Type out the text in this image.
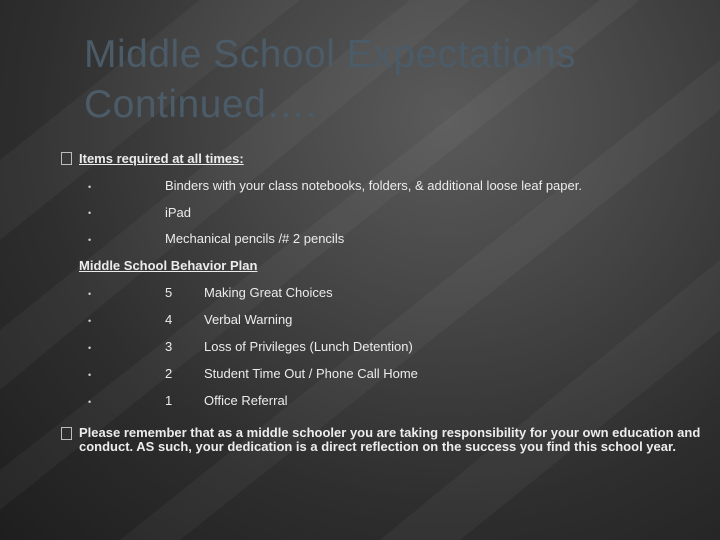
Middle School Expectations Continued….
Items required at all times:
•	Binders with your class notebooks, folders, & additional loose leaf paper.
•	iPad
•	Mechanical pencils /# 2 pencils
Middle School Behavior Plan
•	5 Making Great Choices
•	4 Verbal Warning
•	3 Loss of Privileges (Lunch Detention)
•	2 Student Time Out / Phone Call Home
•	1 Office Referral
Please remember that as a middle schooler you are taking responsibility for your own education and conduct. AS such, your dedication is a direct reflection on the success you find this school year.
